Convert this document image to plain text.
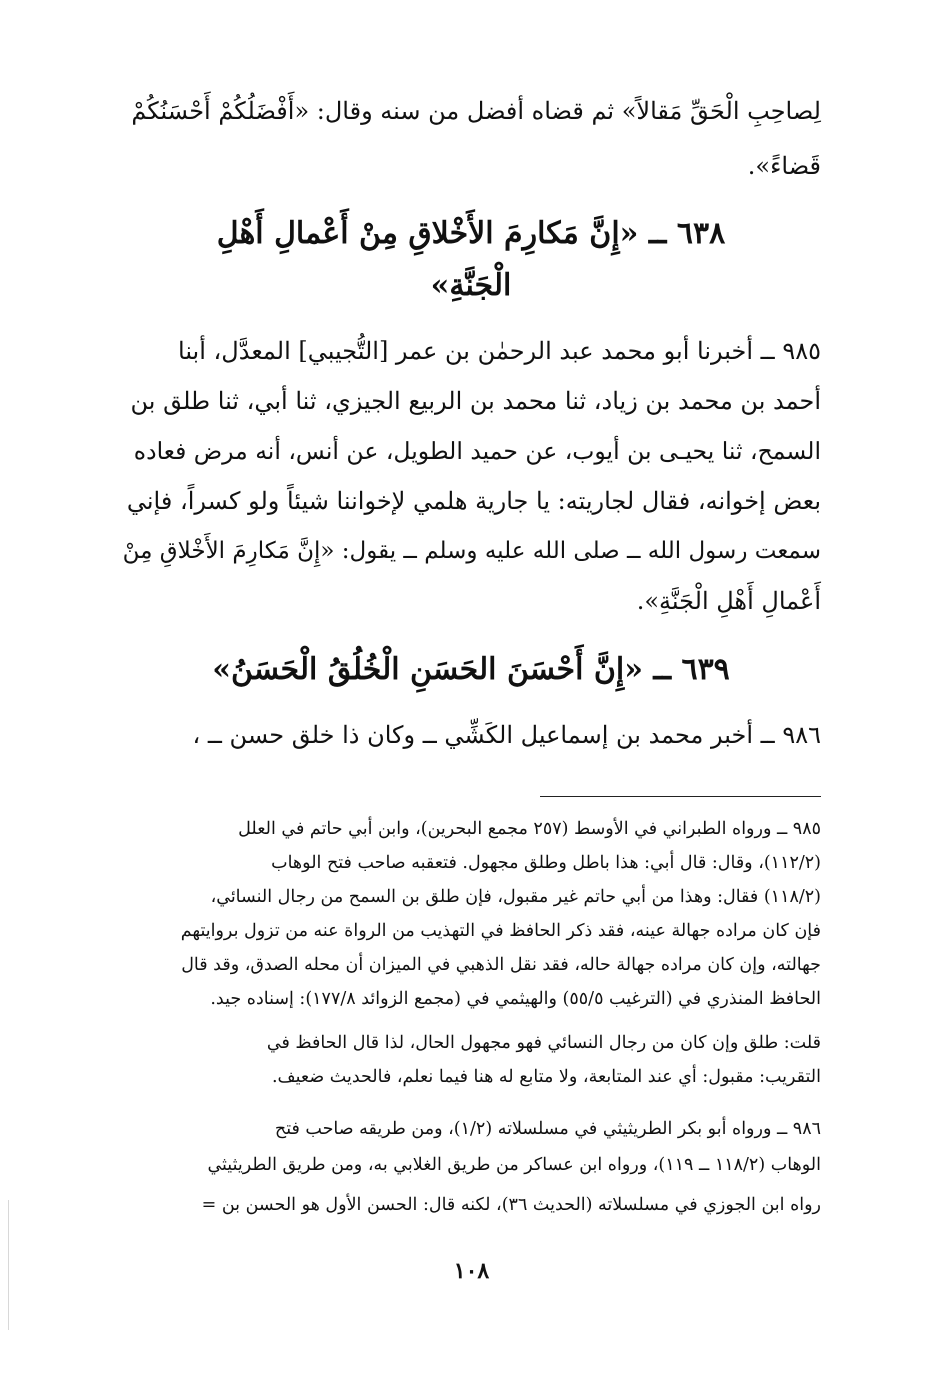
لِصاحِبِ الْحَقِّ مَقالاً» ثم قضاه أفضل من سنه وقال: «أَفْضَلُكُمْ أَحْسَنُكُمْ
قَضاءً».
٦٣٨ ــ «إِنَّ مَكارِمَ الأَخْلاقِ مِنْ أَعْمالِ أَهْلِ
الْجَنَّةِ»
٩٨٥ ــ أخبرنا أبو محمد عبد الرحمٰن بن عمر [التُّجيبي] المعدَّل، أبنا
أحمد بن محمد بن زياد، ثنا محمد بن الربيع الجيزي، ثنا أبي، ثنا طلق بن
السمح، ثنا يحيـى بن أيوب، عن حميد الطويل، عن أنس، أنه مرض فعاده
بعض إخوانه، فقال لجاريته: يا جارية هلمي لإخواننا شيئاً ولو كسراً، فإني
سمعت رسول الله ــ صلى الله عليه وسلم ــ يقول: «إِنَّ مَكارِمَ الأَخْلاقِ مِنْ
أَعْمالِ أَهْلِ الْجَنَّةِ».
٦٣٩ ــ «إِنَّ أَحْسَنَ الحَسَنِ الْخُلُقُ الْحَسَنُ»
٩٨٦ ــ أخبر محمد بن إسماعيل الكَشِّي ــ وكان ذا خلق حسن ــ ،
٩٨٥ ــ ورواه الطبراني في الأوسط (٢٥٧ مجمع البحرين)، وابن أبي حاتم في العلل
(١١٢/٢)، وقال: قال أبي: هذا باطل وطلق مجهول. فتعقبه صاحب فتح الوهاب
(١١٨/٢) فقال: وهذا من أبي حاتم غير مقبول، فإن طلق بن السمح من رجال النسائي،
فإن كان مراده جهالة عينه، فقد ذكر الحافظ في التهذيب من الرواة عنه من تزول بروايتهم
جهالته، وإن كان مراده جهالة حاله، فقد نقل الذهبي في الميزان أن محله الصدق، وقد قال
الحافظ المنذري في (الترغيب ٥٥/٥) والهيثمي في (مجمع الزوائد ١٧٧/٨): إسناده جيد.
قلت: طلق وإن كان من رجال النسائي فهو مجهول الحال، لذا قال الحافظ في
التقريب: مقبول: أي عند المتابعة، ولا متابع له هنا فيما نعلم، فالحديث ضعيف.
٩٨٦ ــ ورواه أبو بكر الطريثيثي في مسلسلاته (١/٢)، ومن طريقه صاحب فتح
الوهاب (١١٨/٢ ــ ١١٩)، ورواه ابن عساكر من طريق الغلابي به، ومن طريق الطريثيثي
رواه ابن الجوزي في مسلسلاته (الحديث ٣٦)، لكنه قال: الحسن الأول هو الحسن بن =
١٠٨
